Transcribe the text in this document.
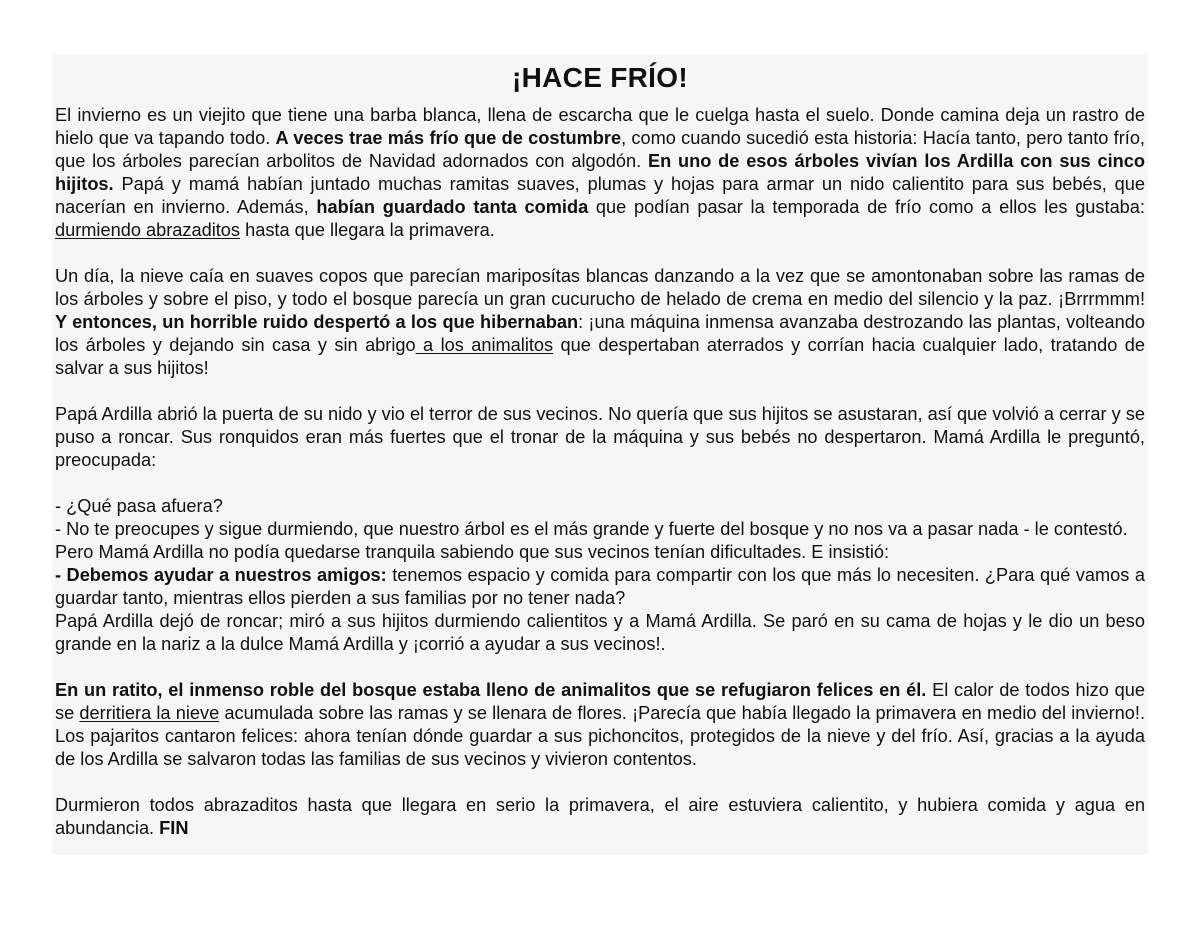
¡HACE FRÍO!

El invierno es un viejito que tiene una barba blanca, llena de escarcha que le cuelga hasta el suelo. Donde camina deja un rastro de hielo que va tapando todo. A veces trae más frío que de costumbre, como cuando sucedió esta historia: Hacía tanto, pero tanto frío, que los árboles parecían arbolitos de Navidad adornados con algodón. En uno de esos árboles vivían los Ardilla con sus cinco hijitos. Papá y mamá habían juntado muchas ramitas suaves, plumas y hojas para armar un nido calientito para sus bebés, que nacerían en invierno. Además, habían guardado tanta comida que podían pasar la temporada de frío como a ellos les gustaba: durmiendo abrazaditos hasta que llegara la primavera.

Un día, la nieve caía en suaves copos que parecían mariposítas blancas danzando a la vez que se amontonaban sobre las ramas de los árboles y sobre el piso, y todo el bosque parecía un gran cucurucho de helado de crema en medio del silencio y la paz. ¡Brrrmmm! Y entonces, un horrible ruido despertó a los que hibernaban: ¡una máquina inmensa avanzaba destrozando las plantas, volteando los árboles y dejando sin casa y sin abrigo a los animalitos que despertaban aterrados y corrían hacia cualquier lado, tratando de salvar a sus hijitos!

Papá Ardilla abrió la puerta de su nido y vio el terror de sus vecinos. No quería que sus hijitos se asustaran, así que volvió a cerrar y se puso a roncar. Sus ronquidos eran más fuertes que el tronar de la máquina y sus bebés no despertaron. Mamá Ardilla le preguntó, preocupada:

- ¿Qué pasa afuera?

- No te preocupes y sigue durmiendo, que nuestro árbol es el más grande y fuerte del bosque y no nos va a pasar nada - le contestó.

Pero Mamá Ardilla no podía quedarse tranquila sabiendo que sus vecinos tenían dificultades. E insistió:

- Debemos ayudar a nuestros amigos: tenemos espacio y comida para compartir con los que más lo necesiten. ¿Para qué vamos a guardar tanto, mientras ellos pierden a sus familias por no tener nada?

Papá Ardilla dejó de roncar; miró a sus hijitos durmiendo calientitos y a Mamá Ardilla. Se paró en su cama de hojas y le dio un beso grande en la nariz a la dulce Mamá Ardilla y ¡corrió a ayudar a sus vecinos!.

En un ratito, el inmenso roble del bosque estaba lleno de animalitos que se refugiaron felices en él. El calor de todos hizo que se derritiera la nieve acumulada sobre las ramas y se llenara de flores. ¡Parecía que había llegado la primavera en medio del invierno!. Los pajaritos cantaron felices: ahora tenían dónde guardar a sus pichoncitos, protegidos de la nieve y del frío. Así, gracias a la ayuda de los Ardilla se salvaron todas las familias de sus vecinos y vivieron contentos.

Durmieron todos abrazaditos hasta que llegara en serio la primavera, el aire estuviera calientito, y hubiera comida y agua en abundancia. FIN
